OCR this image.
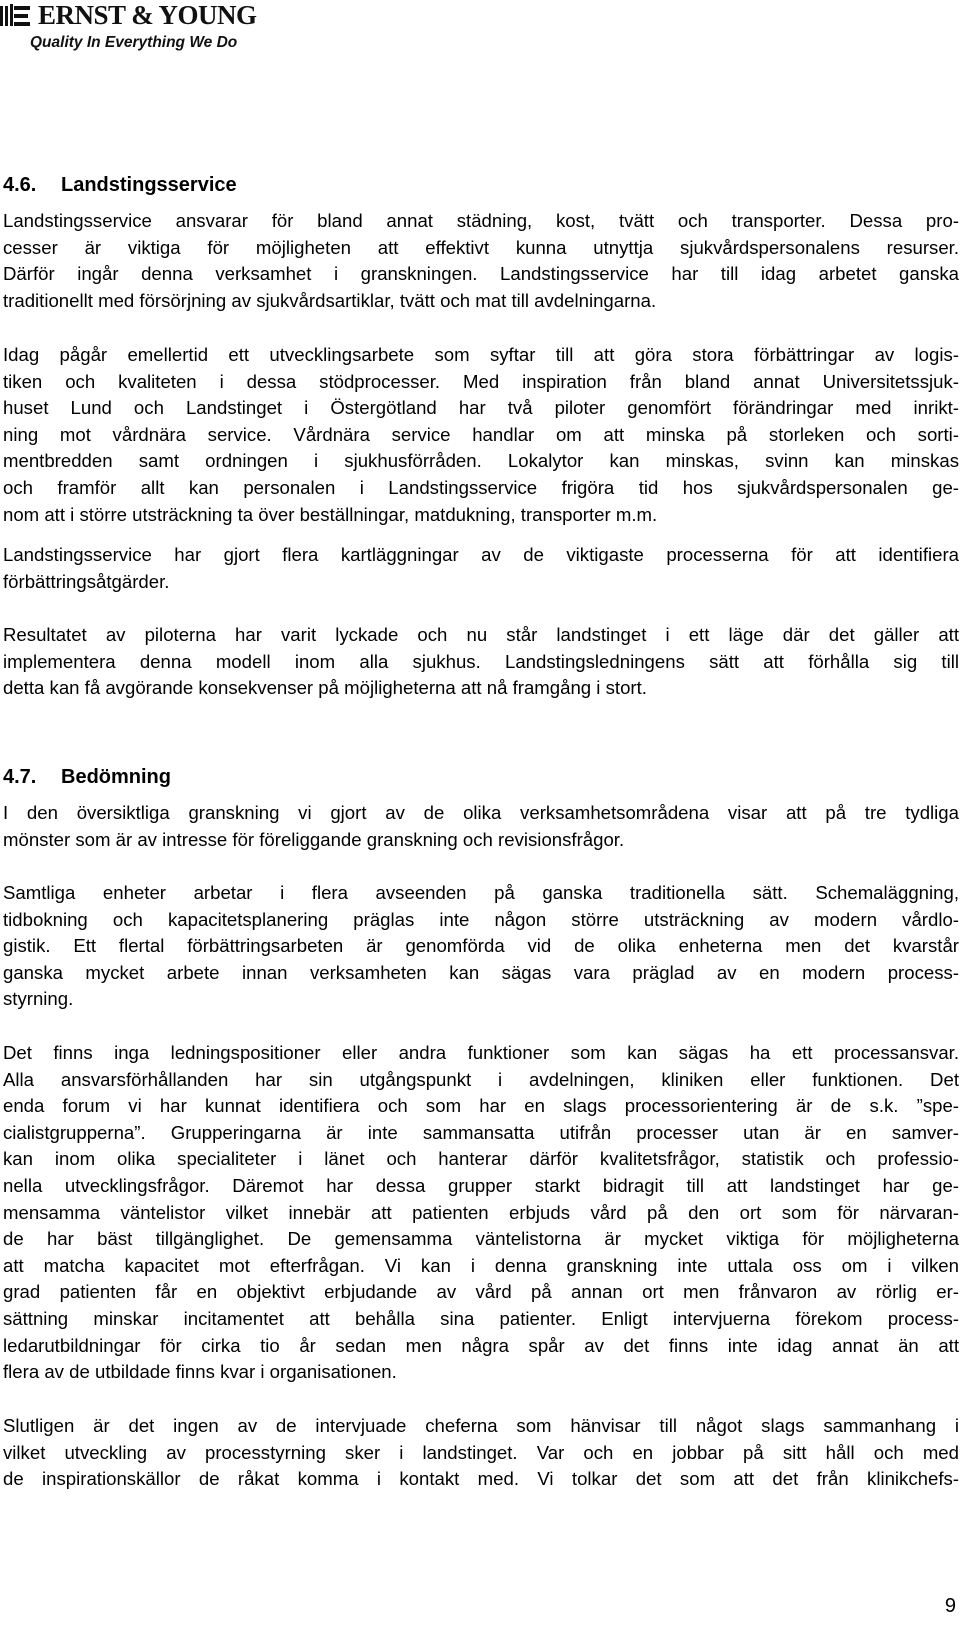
ERNST & YOUNG
Quality In Everything We Do
4.6. Landstingsservice
Landstingsservice ansvarar för bland annat städning, kost, tvätt och transporter. Dessa pro-
cesser är viktiga för möjligheten att effektivt kunna utnyttja sjukvårdspersonalens resurser.
Därför ingår denna verksamhet i granskningen. Landstingsservice har till idag arbetet ganska
traditionellt med försörjning av sjukvårdsartiklar, tvätt och mat till avdelningarna.
Idag pågår emellertid ett utvecklingsarbete som syftar till att göra stora förbättringar av logis-
tiken och kvaliteten i dessa stödprocesser. Med inspiration från bland annat Universitetssjuk-
huset Lund och Landstinget i Östergötland har två piloter genomfört förändringar med inrikt-
ning mot vårdnära service. Vårdnära service handlar om att minska på storleken och sorti-
mentbredden samt ordningen i sjukhusförråden. Lokalytor kan minskas, svinn kan minskas
och framför allt kan personalen i Landstingsservice frigöra tid hos sjukvårdspersonalen ge-
nom att i större utsträckning ta över beställningar, matdukning, transporter m.m.
Landstingsservice har gjort flera kartläggningar av de viktigaste processerna för att identifiera
förbättringsåtgärder.
Resultatet av piloterna har varit lyckade och nu står landstinget i ett läge där det gäller att
implementera denna modell inom alla sjukhus. Landstingsledningens sätt att förhålla sig till
detta kan få avgörande konsekvenser på möjligheterna att nå framgång i stort.
4.7. Bedömning
I den översiktliga granskning vi gjort av de olika verksamhetsområdena visar att på tre tydliga
mönster som är av intresse för föreliggande granskning och revisionsfrågor.
Samtliga enheter arbetar i flera avseenden på ganska traditionella sätt. Schemaläggning,
tidbokning och kapacitetsplanering präglas inte någon större utsträckning av modern vårdlo-
gistik. Ett flertal förbättringsarbeten är genomförda vid de olika enheterna men det kvarstår
ganska mycket arbete innan verksamheten kan sägas vara präglad av en modern process-
styrning.
Det finns inga ledningspositioner eller andra funktioner som kan sägas ha ett processansvar.
Alla ansvarsförhållanden har sin utgångspunkt i avdelningen, kliniken eller funktionen. Det
enda forum vi har kunnat identifiera och som har en slags processorientering är de s.k. ”spe-
cialistgrupperna”. Grupperingarna är inte sammansatta utifrån processer utan är en samver-
kan inom olika specialiteter i länet och hanterar därför kvalitetsfrågor, statistik och professio-
nella utvecklingsfrågor. Däremot har dessa grupper starkt bidragit till att landstinget har ge-
mensamma väntelistor vilket innebär att patienten erbjuds vård på den ort som för närvaran-
de har bäst tillgänglighet. De gemensamma väntelistorna är mycket viktiga för möjligheterna
att matcha kapacitet mot efterfrågan. Vi kan i denna granskning inte uttala oss om i vilken
grad patienten får en objektivt erbjudande av vård på annan ort men frånvaron av rörlig er-
sättning minskar incitamentet att behålla sina patienter. Enligt intervjuerna förekom process-
ledarutbildningar för cirka tio år sedan men några spår av det finns inte idag annat än att
flera av de utbildade finns kvar i organisationen.
Slutligen är det ingen av de intervjuade cheferna som hänvisar till något slags sammanhang i
vilket utveckling av processtyrning sker i landstinget. Var och en jobbar på sitt håll och med
de inspirationskällor de råkat komma i kontakt med. Vi tolkar det som att det från klinikchefs-
9
